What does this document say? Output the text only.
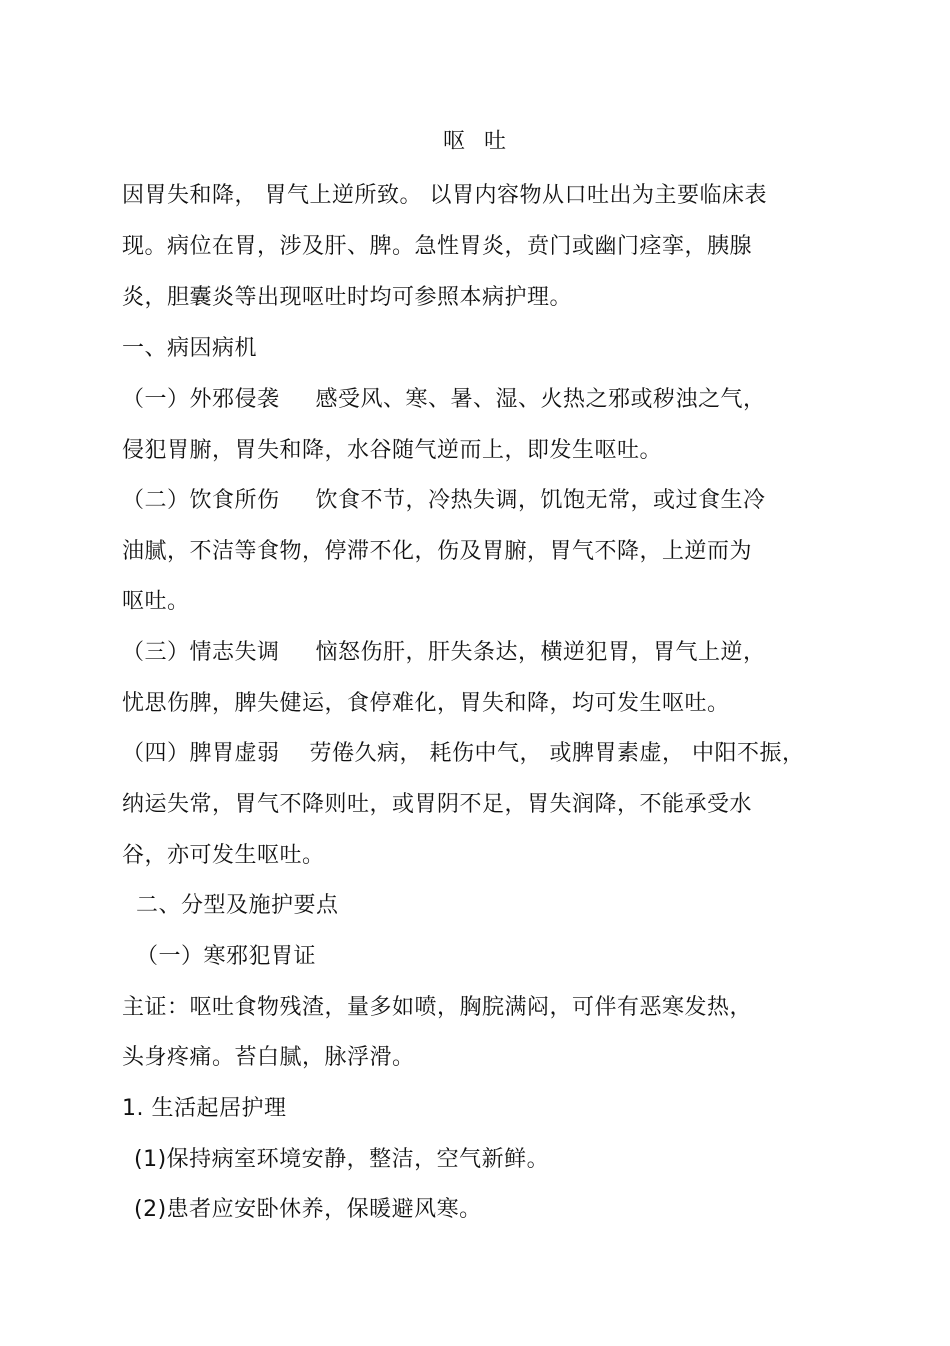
呕 吐
因胃失和降， 胃气上逆所致。 以胃内容物从口吐出为主要临床表
现。病位在胃，涉及肝、脾。急性胃炎，贲门或幽门痉挛，胰腺
炎，胆囊炎等出现呕吐时均可参照本病护理。
一、病因病机
（一）外邪侵袭 感受风、寒、暑、湿、火热之邪或秽浊之气，
侵犯胃腑，胃失和降，水谷随气逆而上，即发生呕吐。
（二）饮食所伤 饮食不节，冷热失调，饥饱无常，或过食生冷
油腻，不洁等食物，停滞不化，伤及胃腑，胃气不降，上逆而为
呕吐。
（三）情志失调 恼怒伤肝，肝失条达，横逆犯胃，胃气上逆，
忧思伤脾，脾失健运，食停难化，胃失和降，均可发生呕吐。
（四）脾胃虚弱 劳倦久病， 耗伤中气， 或脾胃素虚， 中阳不振，
纳运失常，胃气不降则吐，或胃阴不足，胃失润降，不能承受水
谷，亦可发生呕吐。
二、分型及施护要点
（一）寒邪犯胃证
主证：呕吐食物残渣，量多如喷，胸脘满闷，可伴有恶寒发热，
头身疼痛。苔白腻，脉浮滑。
1. 生活起居护理
(1)保持病室环境安静，整洁，空气新鲜。
(2)患者应安卧休养，保暖避风寒。
